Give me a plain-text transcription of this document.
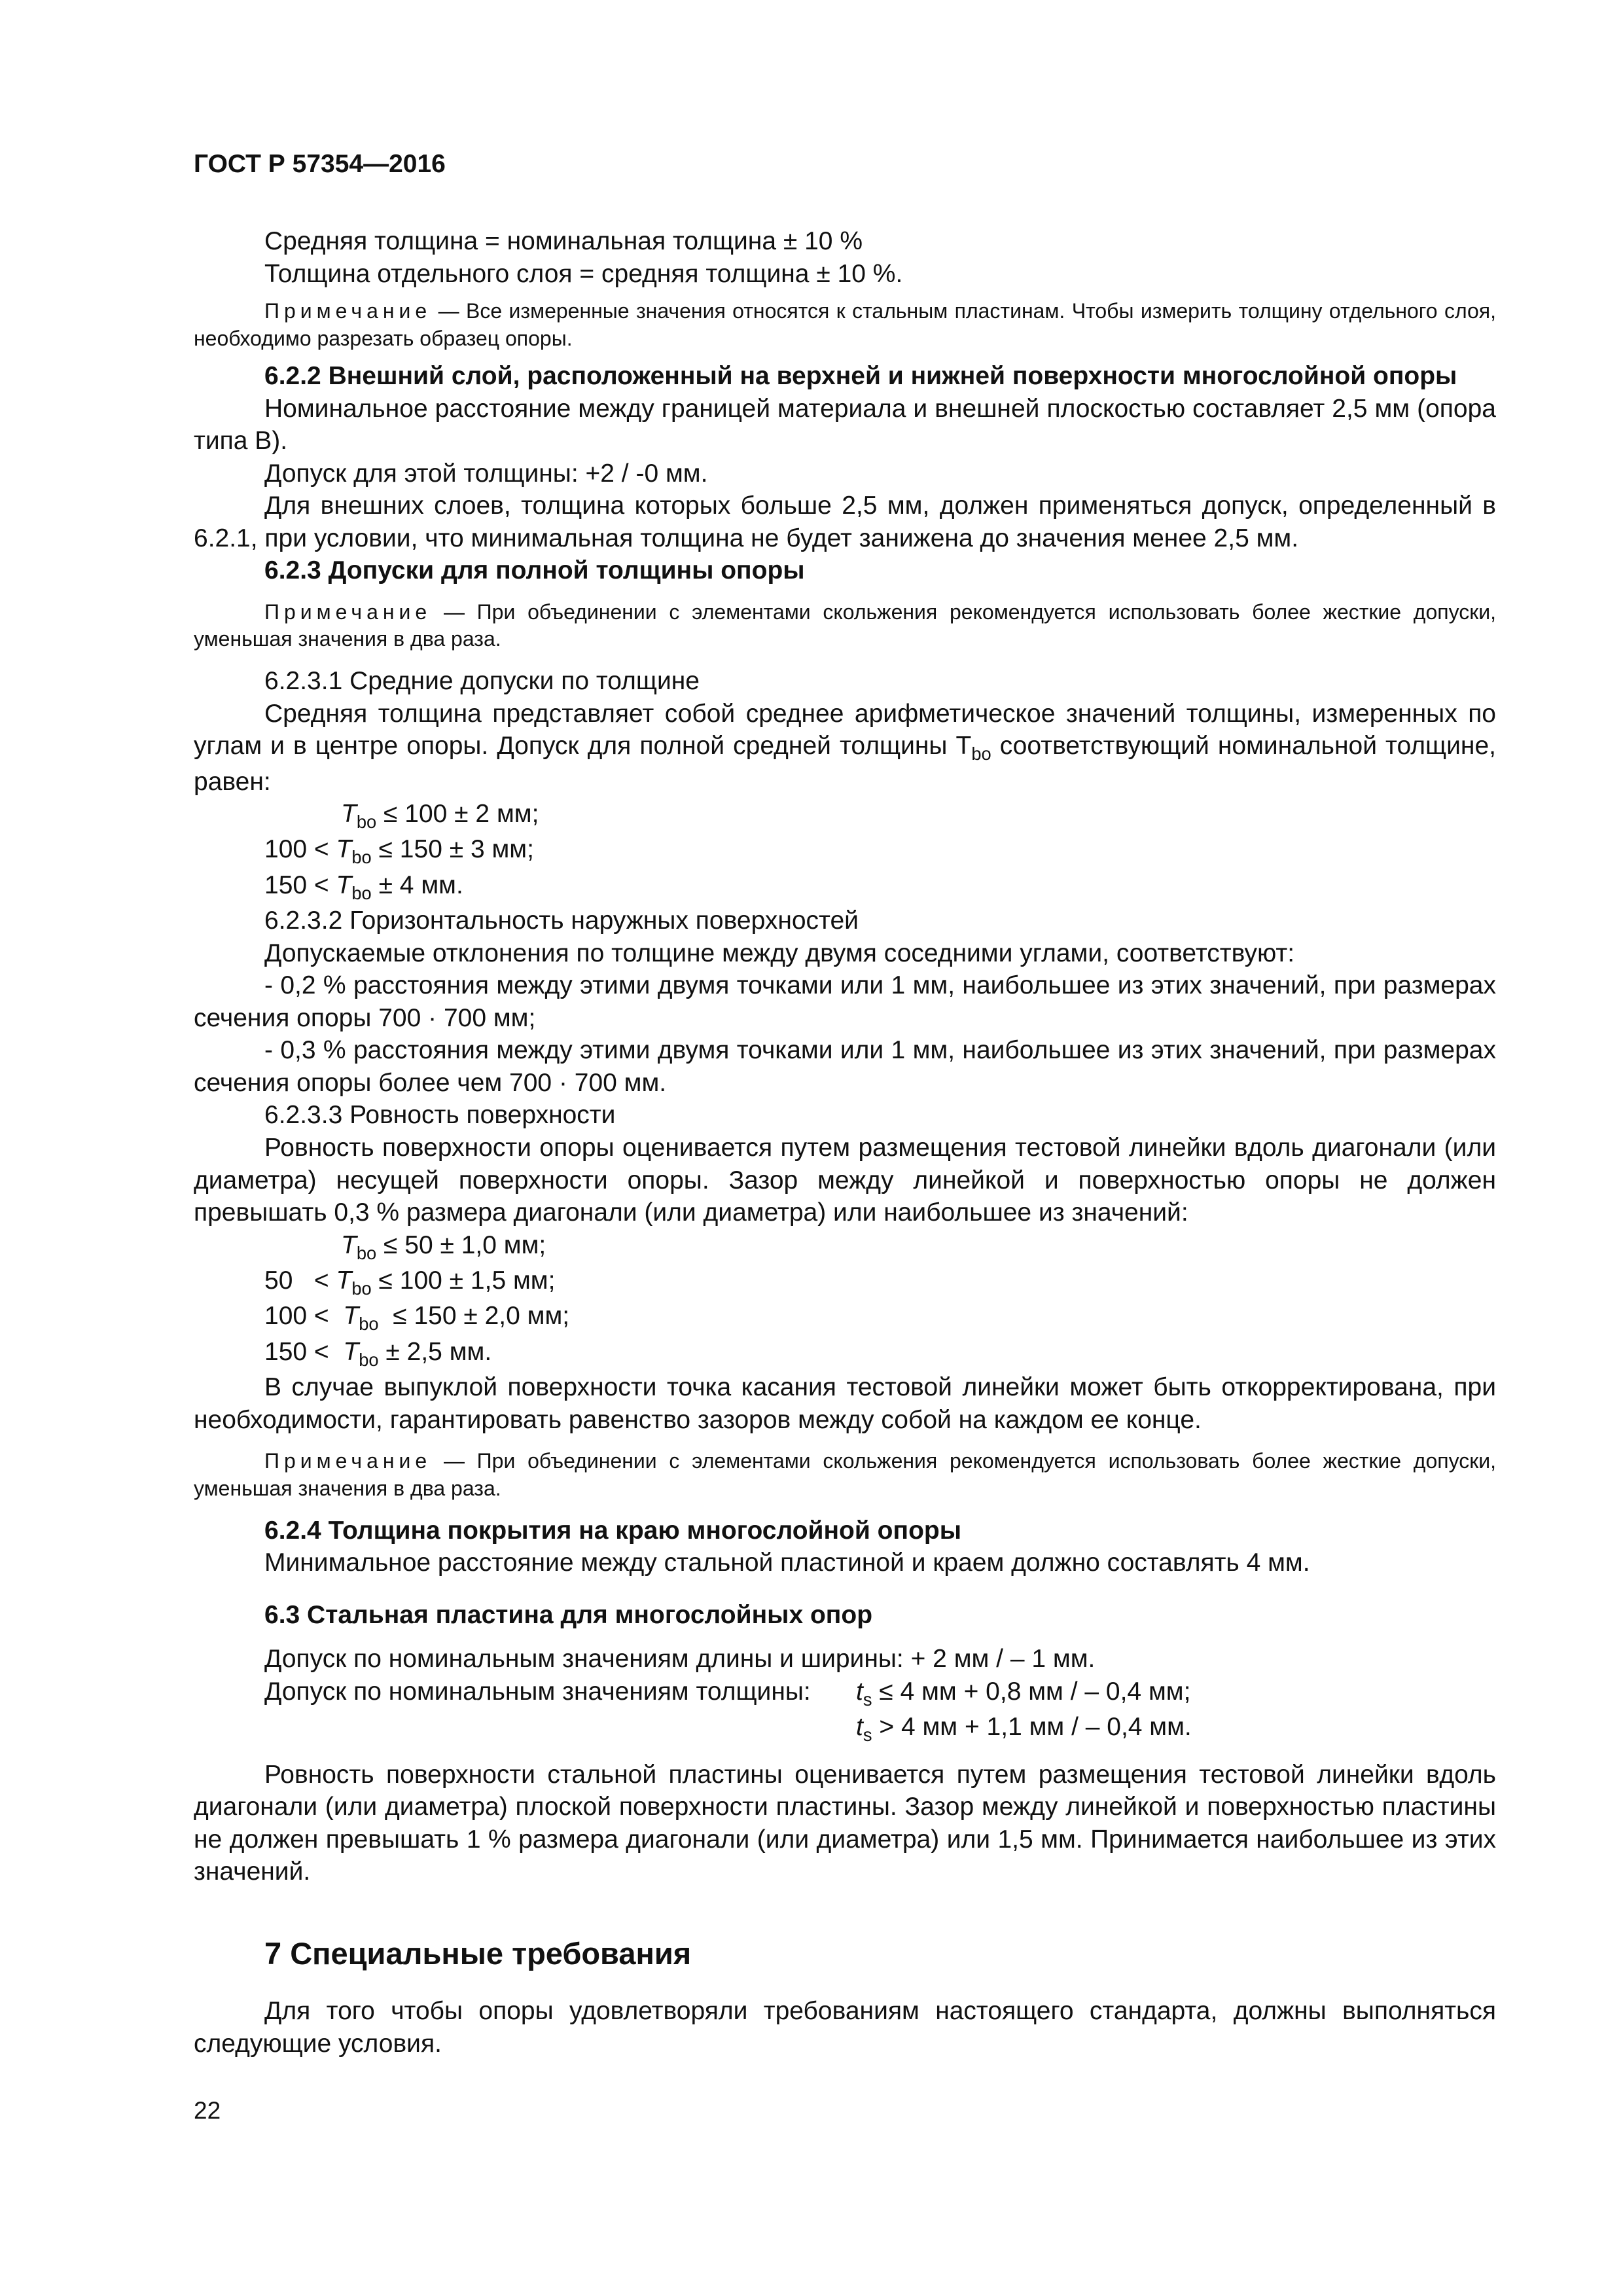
ГОСТ Р 57354—2016

Средняя толщина = номинальная толщина ± 10 %

Толщина отдельного слоя = средняя толщина ± 10 %.

Примечание — Все измеренные значения относятся к стальным пластинам. Чтобы измерить толщину отдельного слоя, необходимо разрезать образец опоры.

6.2.2 Внешний слой, расположенный на верхней и нижней поверхности многослойной опоры

Номинальное расстояние между границей материала и внешней плоскостью составляет 2,5 мм (опора типа В).

Допуск для этой толщины: +2 / -0 мм.

Для внешних слоев, толщина которых больше 2,5 мм, должен применяться допуск, определенный в 6.2.1, при условии, что минимальная толщина не будет занижена до значения менее 2,5 мм.

6.2.3 Допуски для полной толщины опоры

Примечание — При объединении с элементами скольжения рекомендуется использовать более жесткие допуски, уменьшая значения в два раза.

6.2.3.1 Средние допуски по толщине

Средняя толщина представляет собой среднее арифметическое значений толщины, измеренных по углам и в центре опоры. Допуск для полной средней толщины $T_{bo}$ соответствующий номинальной толщине, равен:

$T_{bo} \le 100 \pm 2$ мм;

$100 < T_{bo} \le 150 \pm 3$ мм;

$150 < T_{bo} \pm 4$ мм.

6.2.3.2 Горизонтальность наружных поверхностей

Допускаемые отклонения по толщине между двумя соседними углами, соответствуют:

- 0,2 % расстояния между этими двумя точками или 1 мм, наибольшее из этих значений, при размерах сечения опоры 700 · 700 мм;

- 0,3 % расстояния между этими двумя точками или 1 мм, наибольшее из этих значений, при размерах сечения опоры более чем 700 · 700 мм.

6.2.3.3 Ровность поверхности

Ровность поверхности опоры оценивается путем размещения тестовой линейки вдоль диагонали (или диаметра) несущей поверхности опоры. Зазор между линейкой и поверхностью опоры не должен превышать 0,3 % размера диагонали (или диаметра) или наибольшее из значений:

$T_{bo} \le 50 \pm 1,0$ мм;

$50 < T_{bo} \le 100 \pm 1,5$ мм;

$100 < T_{bo} \le 150 \pm 2,0$ мм;

$150 < T_{bo} \pm 2,5$ мм.

В случае выпуклой поверхности точка касания тестовой линейки может быть откорректирована, при необходимости, гарантировать равенство зазоров между собой на каждом ее конце.

Примечание — При объединении с элементами скольжения рекомендуется использовать более жесткие допуски, уменьшая значения в два раза.

6.2.4 Толщина покрытия на краю многослойной опоры

Минимальное расстояние между стальной пластиной и краем должно составлять 4 мм.

6.3 Стальная пластина для многослойных опор

Допуск по номинальным значениям длины и ширины: + 2 мм / – 1 мм.

Допуск по номинальным значениям толщины:	$t_s \le 4$ мм + 0,8 мм / – 0,4 мм;
$t_s > 4$ мм + 1,1 мм / – 0,4 мм.

Ровность поверхности стальной пластины оценивается путем размещения тестовой линейки вдоль диагонали (или диаметра) плоской поверхности пластины. Зазор между линейкой и поверхностью пластины не должен превышать 1 % размера диагонали (или диаметра) или 1,5 мм. Принимается наибольшее из этих значений.

7 Специальные требования

Для того чтобы опоры удовлетворяли требованиям настоящего стандарта, должны выполняться следующие условия.

22
